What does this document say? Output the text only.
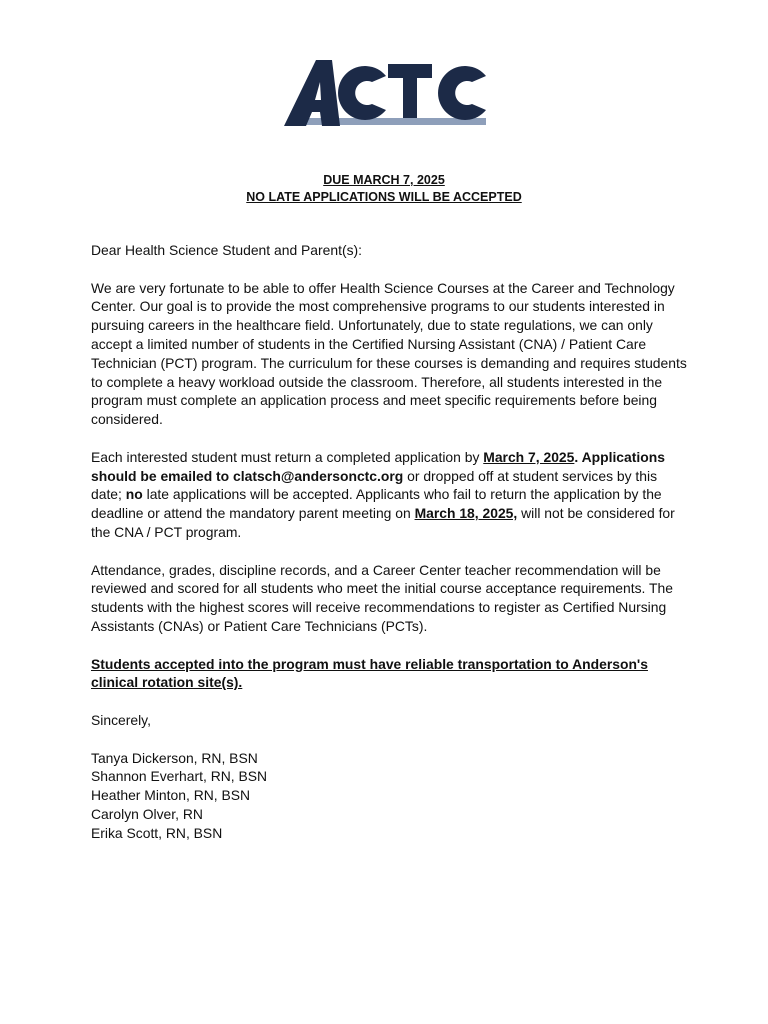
DUE MARCH 7, 2025
NO LATE APPLICATIONS WILL BE ACCEPTED

Dear Health Science Student and Parent(s):

We are very fortunate to be able to offer Health Science Courses at the Career and Technology Center. Our goal is to provide the most comprehensive programs to our students interested in pursuing careers in the healthcare field. Unfortunately, due to state regulations, we can only accept a limited number of students in the Certified Nursing Assistant (CNA) / Patient Care Technician (PCT) program. The curriculum for these courses is demanding and requires students to complete a heavy workload outside the classroom. Therefore, all students interested in the program must complete an application process and meet specific requirements before being considered.

Each interested student must return a completed application by March 7, 2025. Applications should be emailed to clatsch@andersonctc.org or dropped off at student services by this date; no late applications will be accepted. Applicants who fail to return the application by the deadline or attend the mandatory parent meeting on March 18, 2025, will not be considered for the CNA / PCT program.

Attendance, grades, discipline records, and a Career Center teacher recommendation will be reviewed and scored for all students who meet the initial course acceptance requirements. The students with the highest scores will receive recommendations to register as Certified Nursing Assistants (CNAs) or Patient Care Technicians (PCTs).

Students accepted into the program must have reliable transportation to Anderson's clinical rotation site(s).

Sincerely,

Tanya Dickerson, RN, BSN
Shannon Everhart, RN, BSN
Heather Minton, RN, BSN
Carolyn Olver, RN
Erika Scott, RN, BSN
